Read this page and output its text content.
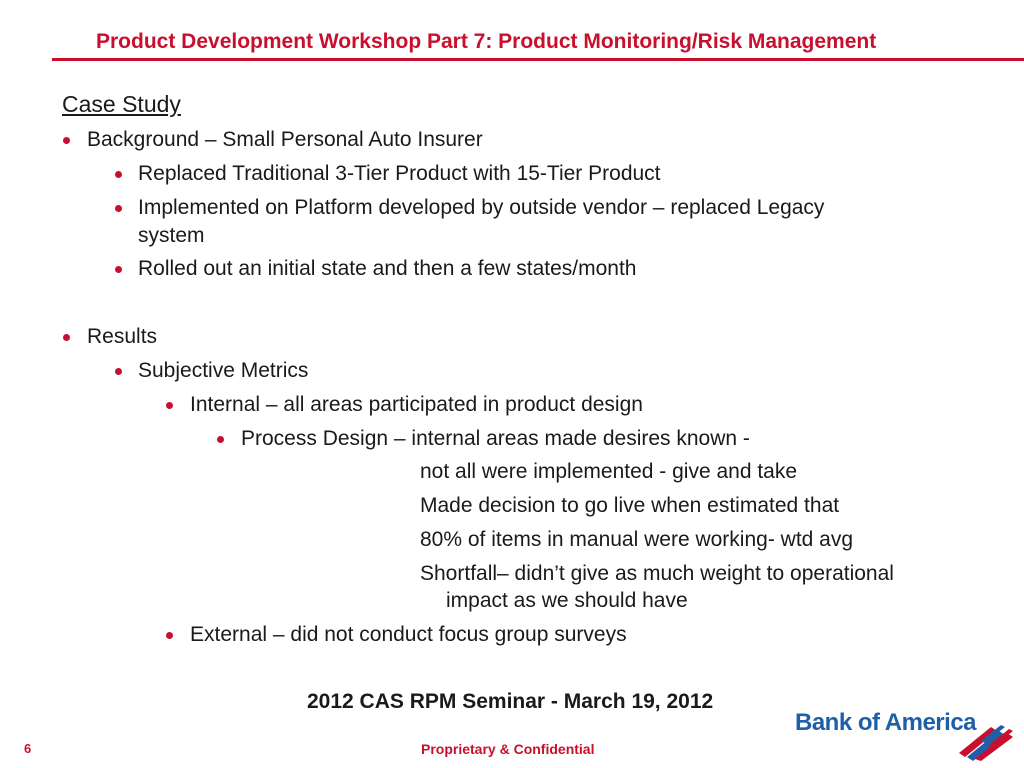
Product Development Workshop Part 7: Product Monitoring/Risk Management
Case Study
Background – Small Personal Auto Insurer
Replaced Traditional 3-Tier Product with 15-Tier Product
Implemented on Platform developed by outside vendor – replaced Legacy
system
Rolled out an initial state and then a few states/month
Results
Subjective Metrics
Internal – all areas participated in product design
Process Design – internal areas made desires known -
not all were implemented - give and take
Made decision to go live when estimated that
80% of items in manual were working- wtd avg
Shortfall– didn’t give as much weight to operational
impact as we should have
External – did not conduct focus group surveys
2012 CAS RPM Seminar - March 19, 2012
6	Proprietary & Confidential
Bank of America
